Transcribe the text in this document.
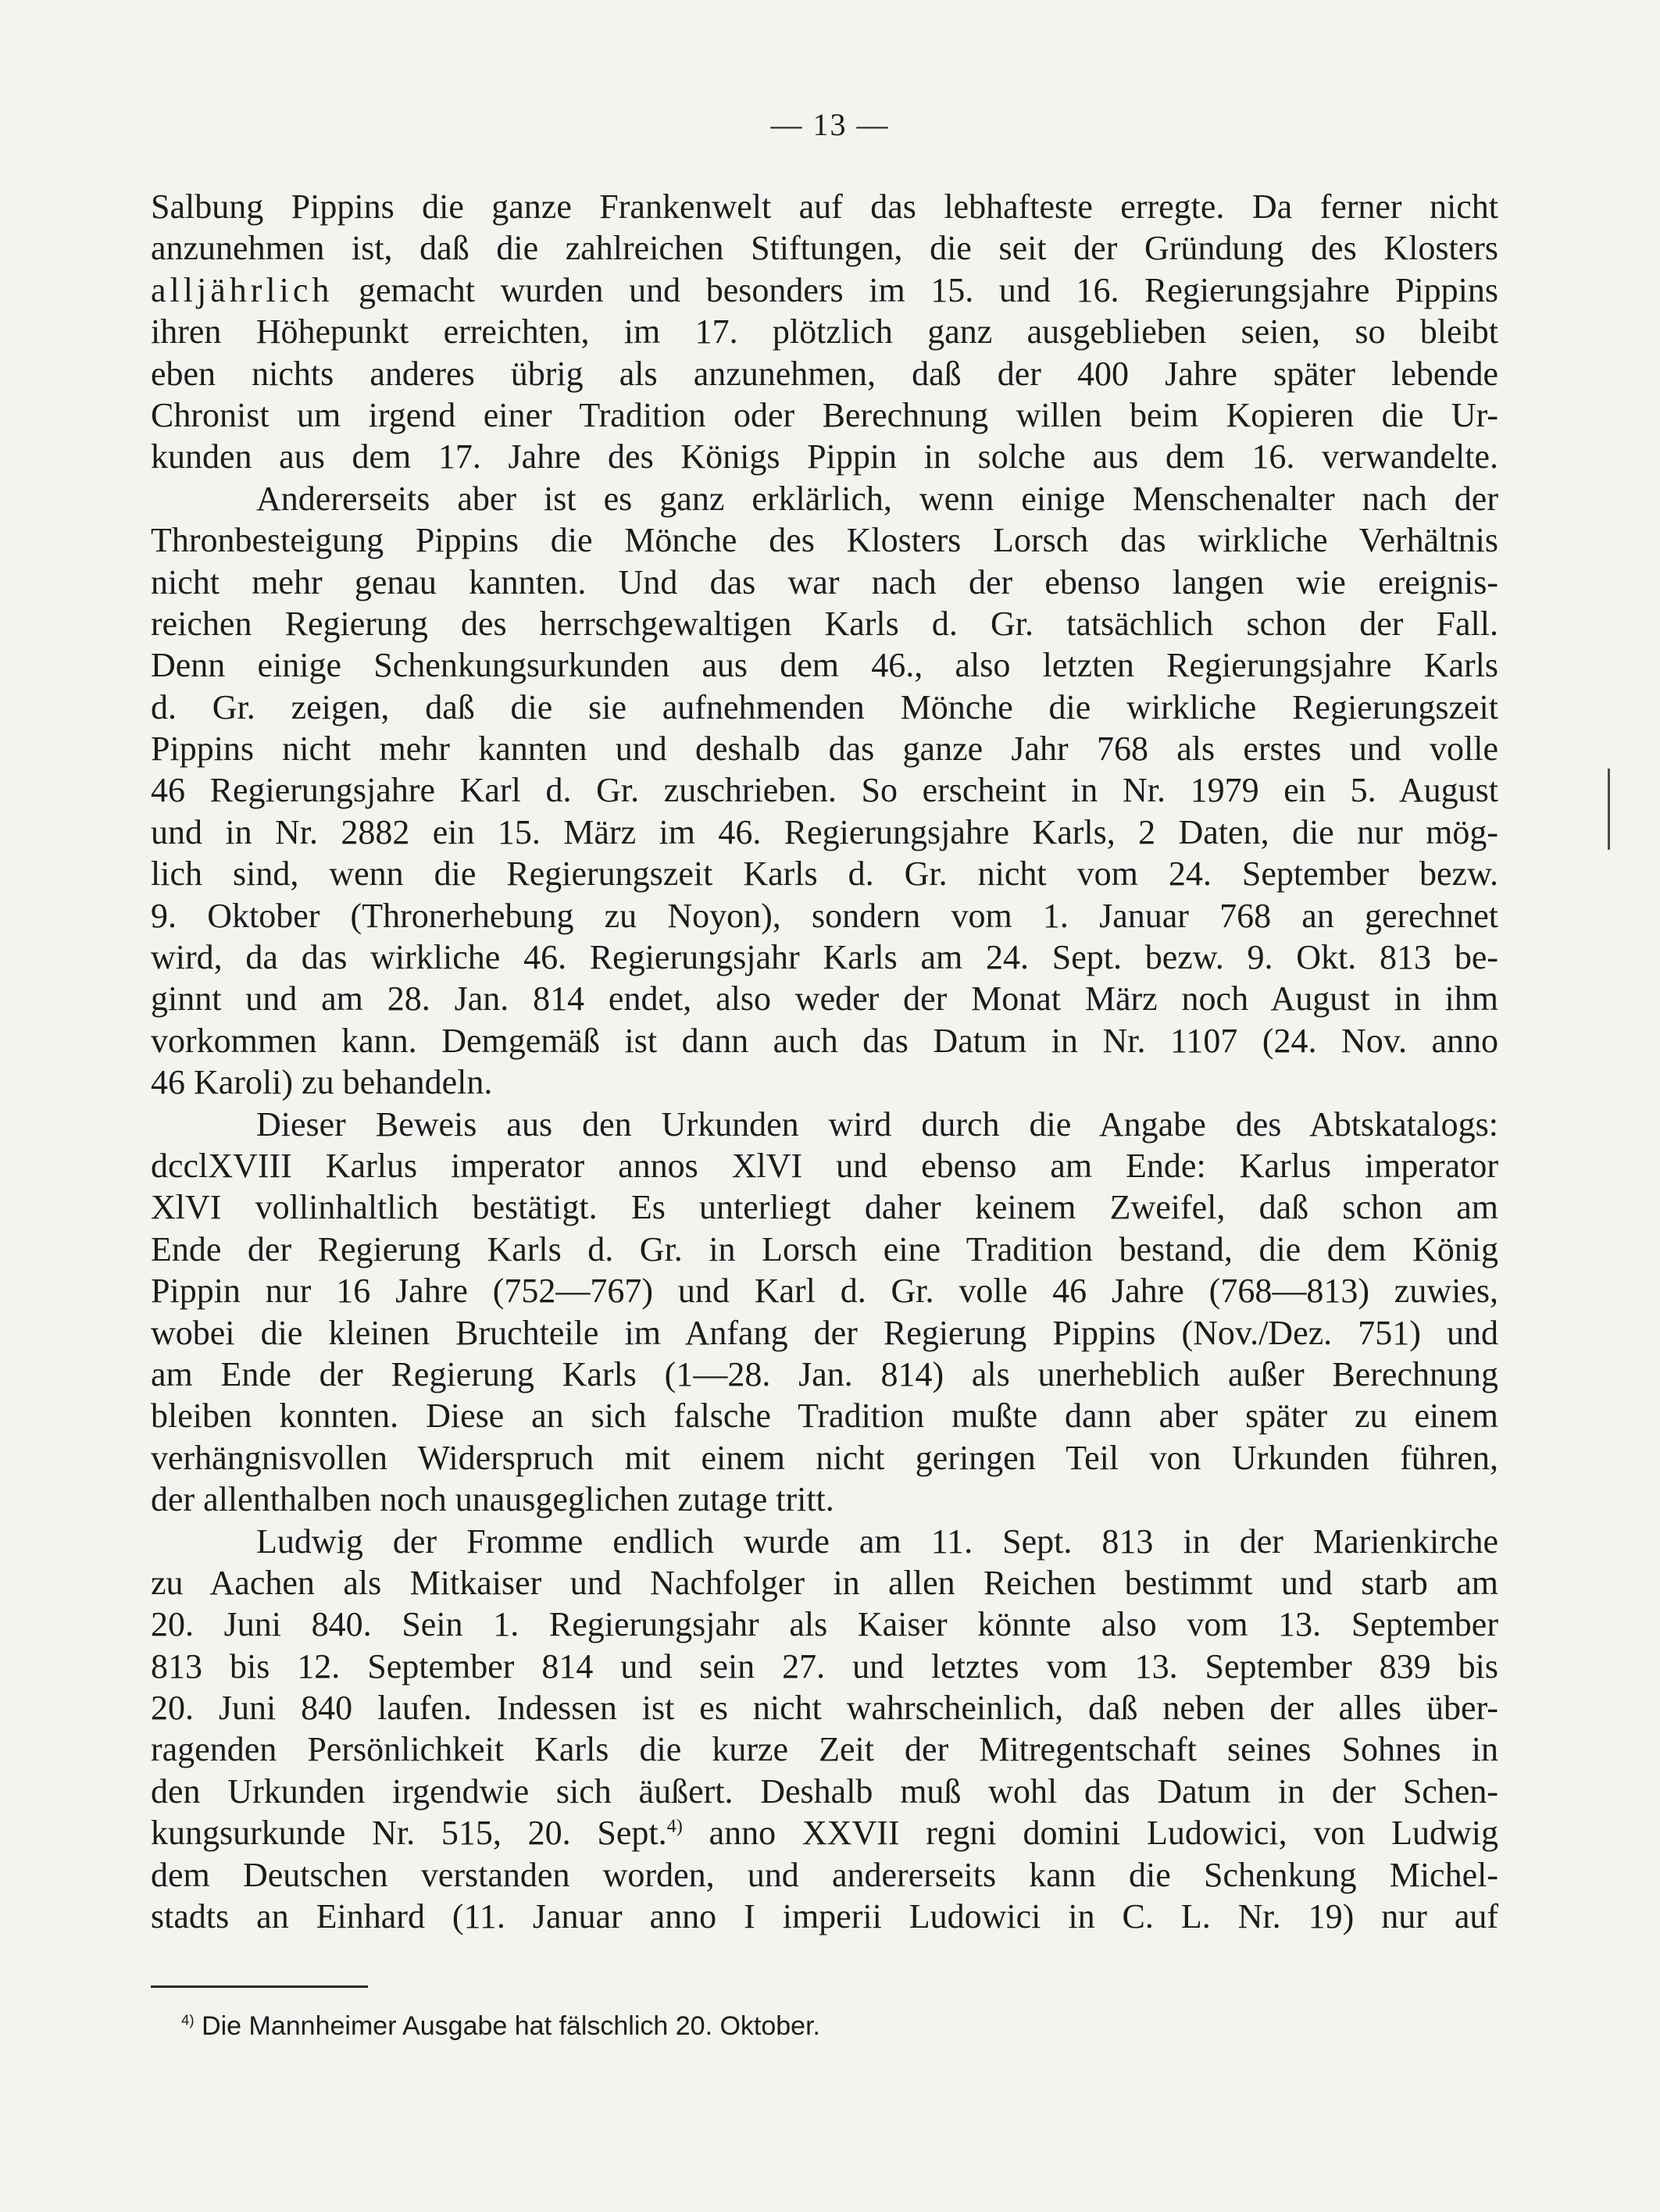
— 13 —
Salbung Pippins die ganze Frankenwelt auf das lebhafteste erregte. Da ferner nicht
anzunehmen ist, daß die zahlreichen Stiftungen, die seit der Gründung des Klosters
alljährlich gemacht wurden und besonders im 15. und 16. Regierungsjahre Pippins
ihren Höhepunkt erreichten, im 17. plötzlich ganz ausgeblieben seien, so bleibt
eben nichts anderes übrig als anzunehmen, daß der 400 Jahre später lebende
Chronist um irgend einer Tradition oder Berechnung willen beim Kopieren die Ur-
kunden aus dem 17. Jahre des Königs Pippin in solche aus dem 16. verwandelte.
Andererseits aber ist es ganz erklärlich, wenn einige Menschenalter nach der
Thronbesteigung Pippins die Mönche des Klosters Lorsch das wirkliche Verhältnis
nicht mehr genau kannten. Und das war nach der ebenso langen wie ereignis-
reichen Regierung des herrschgewaltigen Karls d. Gr. tatsächlich schon der Fall.
Denn einige Schenkungsurkunden aus dem 46., also letzten Regierungsjahre Karls
d. Gr. zeigen, daß die sie aufnehmenden Mönche die wirkliche Regierungszeit
Pippins nicht mehr kannten und deshalb das ganze Jahr 768 als erstes und volle
46 Regierungsjahre Karl d. Gr. zuschrieben. So erscheint in Nr. 1979 ein 5. August
und in Nr. 2882 ein 15. März im 46. Regierungsjahre Karls, 2 Daten, die nur mög-
lich sind, wenn die Regierungszeit Karls d. Gr. nicht vom 24. September bezw.
9. Oktober (Thronerhebung zu Noyon), sondern vom 1. Januar 768 an gerechnet
wird, da das wirkliche 46. Regierungsjahr Karls am 24. Sept. bezw. 9. Okt. 813 be-
ginnt und am 28. Jan. 814 endet, also weder der Monat März noch August in ihm
vorkommen kann. Demgemäß ist dann auch das Datum in Nr. 1107 (24. Nov. anno
46 Karoli) zu behandeln.
Dieser Beweis aus den Urkunden wird durch die Angabe des Abtskatalogs:
dcclXVIII Karlus imperator annos XlVI und ebenso am Ende: Karlus imperator
XlVI vollinhaltlich bestätigt. Es unterliegt daher keinem Zweifel, daß schon am
Ende der Regierung Karls d. Gr. in Lorsch eine Tradition bestand, die dem König
Pippin nur 16 Jahre (752—767) und Karl d. Gr. volle 46 Jahre (768—813) zuwies,
wobei die kleinen Bruchteile im Anfang der Regierung Pippins (Nov./Dez. 751) und
am Ende der Regierung Karls (1—28. Jan. 814) als unerheblich außer Berechnung
bleiben konnten. Diese an sich falsche Tradition mußte dann aber später zu einem
verhängnisvollen Widerspruch mit einem nicht geringen Teil von Urkunden führen,
der allenthalben noch unausgeglichen zutage tritt.
Ludwig der Fromme endlich wurde am 11. Sept. 813 in der Marienkirche
zu Aachen als Mitkaiser und Nachfolger in allen Reichen bestimmt und starb am
20. Juni 840. Sein 1. Regierungsjahr als Kaiser könnte also vom 13. September
813 bis 12. September 814 und sein 27. und letztes vom 13. September 839 bis
20. Juni 840 laufen. Indessen ist es nicht wahrscheinlich, daß neben der alles über-
ragenden Persönlichkeit Karls die kurze Zeit der Mitregentschaft seines Sohnes in
den Urkunden irgendwie sich äußert. Deshalb muß wohl das Datum in der Schen-
kungsurkunde Nr. 515, 20. Sept.$^{4)}$ anno XXVII regni domini Ludowici, von Ludwig
dem Deutschen verstanden worden, und andererseits kann die Schenkung Michel-
stadts an Einhard (11. Januar anno I imperii Ludowici in C. L. Nr. 19) nur auf
$^{4)}$ Die Mannheimer Ausgabe hat fälschlich 20. Oktober.
